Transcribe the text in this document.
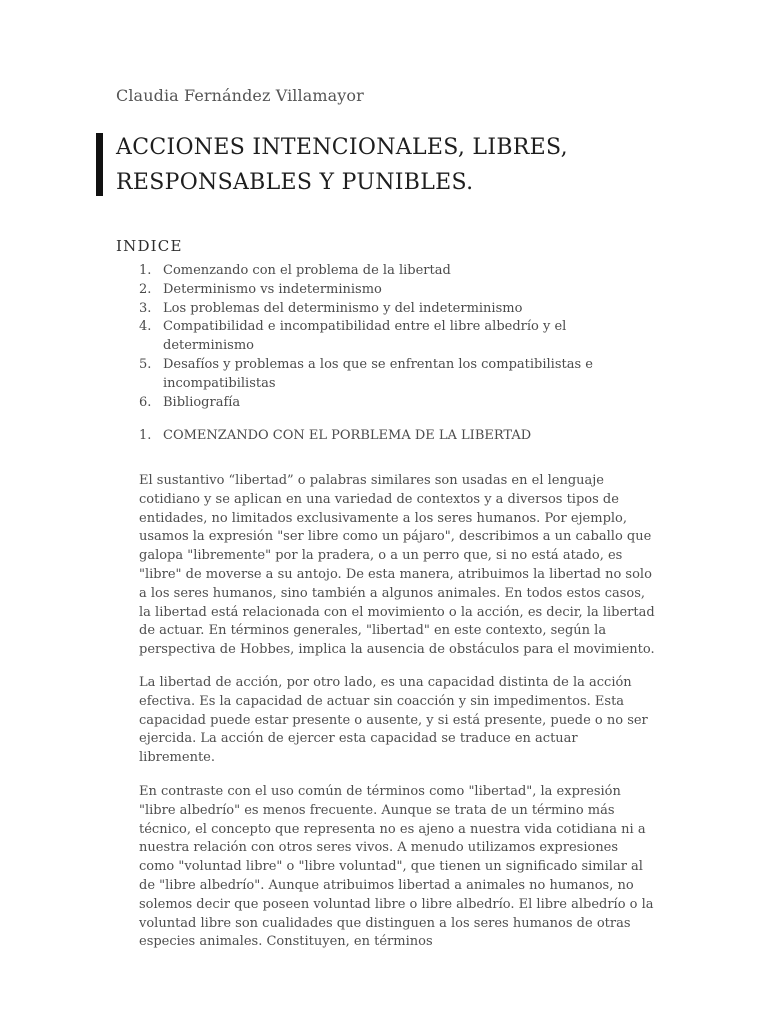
Claudia Fernández Villamayor
ACCIONES INTENCIONALES, LIBRES, RESPONSABLES Y PUNIBLES.
INDICE
1. Comenzando con el problema de la libertad
2. Determinismo vs indeterminismo
3. Los problemas del determinismo y del indeterminismo
4. Compatibilidad e incompatibilidad entre el libre albedrío y el determinismo
5. Desafíos y problemas a los que se enfrentan los compatibilistas e incompatibilistas
6. Bibliografía
1. COMENZANDO CON EL PORBLEMA DE LA LIBERTAD

El sustantivo “libertad” o palabras similares son usadas en el lenguaje cotidiano y se aplican en una variedad de contextos y a diversos tipos de entidades, no limitados exclusivamente a los seres humanos. Por ejemplo, usamos la expresión "ser libre como un pájaro", describimos a un caballo que galopa "libremente" por la pradera, o a un perro que, si no está atado, es "libre" de moverse a su antojo. De esta manera, atribuimos la libertad no solo a los seres humanos, sino también a algunos animales. En todos estos casos, la libertad está relacionada con el movimiento o la acción, es decir, la libertad de actuar. En términos generales, "libertad" en este contexto, según la perspectiva de Hobbes, implica la ausencia de obstáculos para el movimiento.

La libertad de acción, por otro lado, es una capacidad distinta de la acción efectiva. Es la capacidad de actuar sin coacción y sin impedimentos. Esta capacidad puede estar presente o ausente, y si está presente, puede o no ser ejercida. La acción de ejercer esta capacidad se traduce en actuar libremente.

En contraste con el uso común de términos como "libertad", la expresión "libre albedrío" es menos frecuente. Aunque se trata de un término más técnico, el concepto que representa no es ajeno a nuestra vida cotidiana ni a nuestra relación con otros seres vivos. A menudo utilizamos expresiones como "voluntad libre" o "libre voluntad", que tienen un significado similar al de "libre albedrío". Aunque atribuimos libertad a animales no humanos, no solemos decir que poseen voluntad libre o libre albedrío. El libre albedrío o la voluntad libre son cualidades que distinguen a los seres humanos de otras especies animales. Constituyen, en términos
